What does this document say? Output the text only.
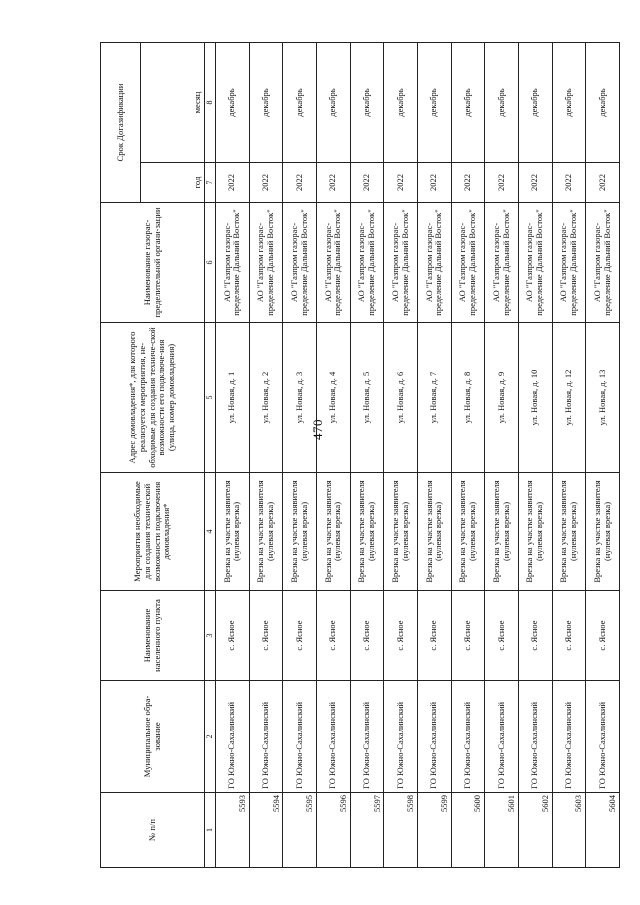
470
№ п/п	Муниципальное обра-зование	Наименование населенного пункта	Мероприятия необходимые для создания технической возможности подключения домовладения*	Адрес домовладения*, для которого реализуется мероприятия, не-обходимые для создания техниче-ской возможности его подключе-ния (улица, номер домовладения)	Наименование газорас-пределительной органи-зации	Срок Догазификации	
						год	месяц
1	2	3	4	5	6	7	8
5593	ГО Южно-Сахалинский	с. Ясное	Врезка на участке заявителя (нулевая врезка)	ул. Новая, д. 1	АО "Газпром газорас-пределение Дальний Восток"	2022	декабрь
5594	ГО Южно-Сахалинский	с. Ясное	Врезка на участке заявителя (нулевая врезка)	ул. Новая, д. 2	АО "Газпром газорас-пределение Дальний Восток"	2022	декабрь
5595	ГО Южно-Сахалинский	с. Ясное	Врезка на участке заявителя (нулевая врезка)	ул. Новая, д. 3	АО "Газпром газорас-пределение Дальний Восток"	2022	декабрь
5596	ГО Южно-Сахалинский	с. Ясное	Врезка на участке заявителя (нулевая врезка)	ул. Новая, д. 4	АО "Газпром газорас-пределение Дальний Восток"	2022	декабрь
5597	ГО Южно-Сахалинский	с. Ясное	Врезка на участке заявителя (нулевая врезка)	ул. Новая, д. 5	АО "Газпром газорас-пределение Дальний Восток"	2022	декабрь
5598	ГО Южно-Сахалинский	с. Ясное	Врезка на участке заявителя (нулевая врезка)	ул. Новая, д. 6	АО "Газпром газорас-пределение Дальний Восток"	2022	декабрь
5599	ГО Южно-Сахалинский	с. Ясное	Врезка на участке заявителя (нулевая врезка)	ул. Новая, д. 7	АО "Газпром газорас-пределение Дальний Восток"	2022	декабрь
5600	ГО Южно-Сахалинский	с. Ясное	Врезка на участке заявителя (нулевая врезка)	ул. Новая, д. 8	АО "Газпром газорас-пределение Дальний Восток"	2022	декабрь
5601	ГО Южно-Сахалинский	с. Ясное	Врезка на участке заявителя (нулевая врезка)	ул. Новая, д. 9	АО "Газпром газорас-пределение Дальний Восток"	2022	декабрь
5602	ГО Южно-Сахалинский	с. Ясное	Врезка на участке заявителя (нулевая врезка)	ул. Новая, д. 10	АО "Газпром газорас-пределение Дальний Восток"	2022	декабрь
5603	ГО Южно-Сахалинский	с. Ясное	Врезка на участке заявителя (нулевая врезка)	ул. Новая, д. 12	АО "Газпром газорас-пределение Дальний Восток"	2022	декабрь
5604	ГО Южно-Сахалинский	с. Ясное	Врезка на участке заявителя (нулевая врезка)	ул. Новая, д. 13	АО "Газпром газорас-пределение Дальний Восток"	2022	декабрь
